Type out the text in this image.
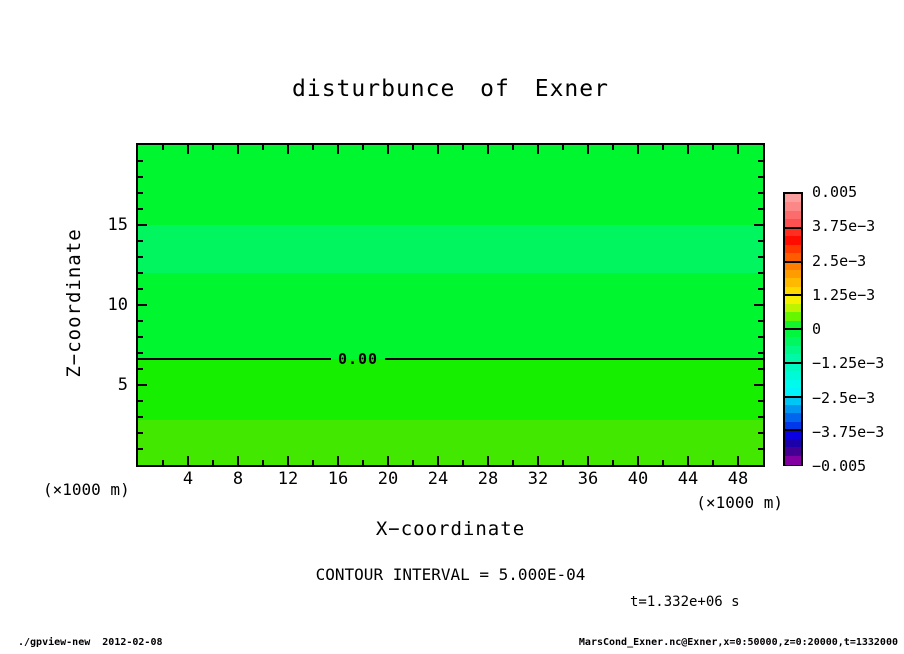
disturbunce of Exner
Z−coordinate	0.00
5
10
15
4	8	12	16	20	24	28	32	36	40	44	48
(×1000 m)
(×1000 m)
X−coordinate
CONTOUR INTERVAL = 5.000E-04
t=1.332e+06 s
0.005
3.75e−3
2.5e−3
1.25e−3
0
−1.25e−3
−2.5e−3
−3.75e−3
−0.005
./gpview-new  2012-02-08	MarsCond_Exner.nc@Exner,x=0:50000,z=0:20000,t=1332000
